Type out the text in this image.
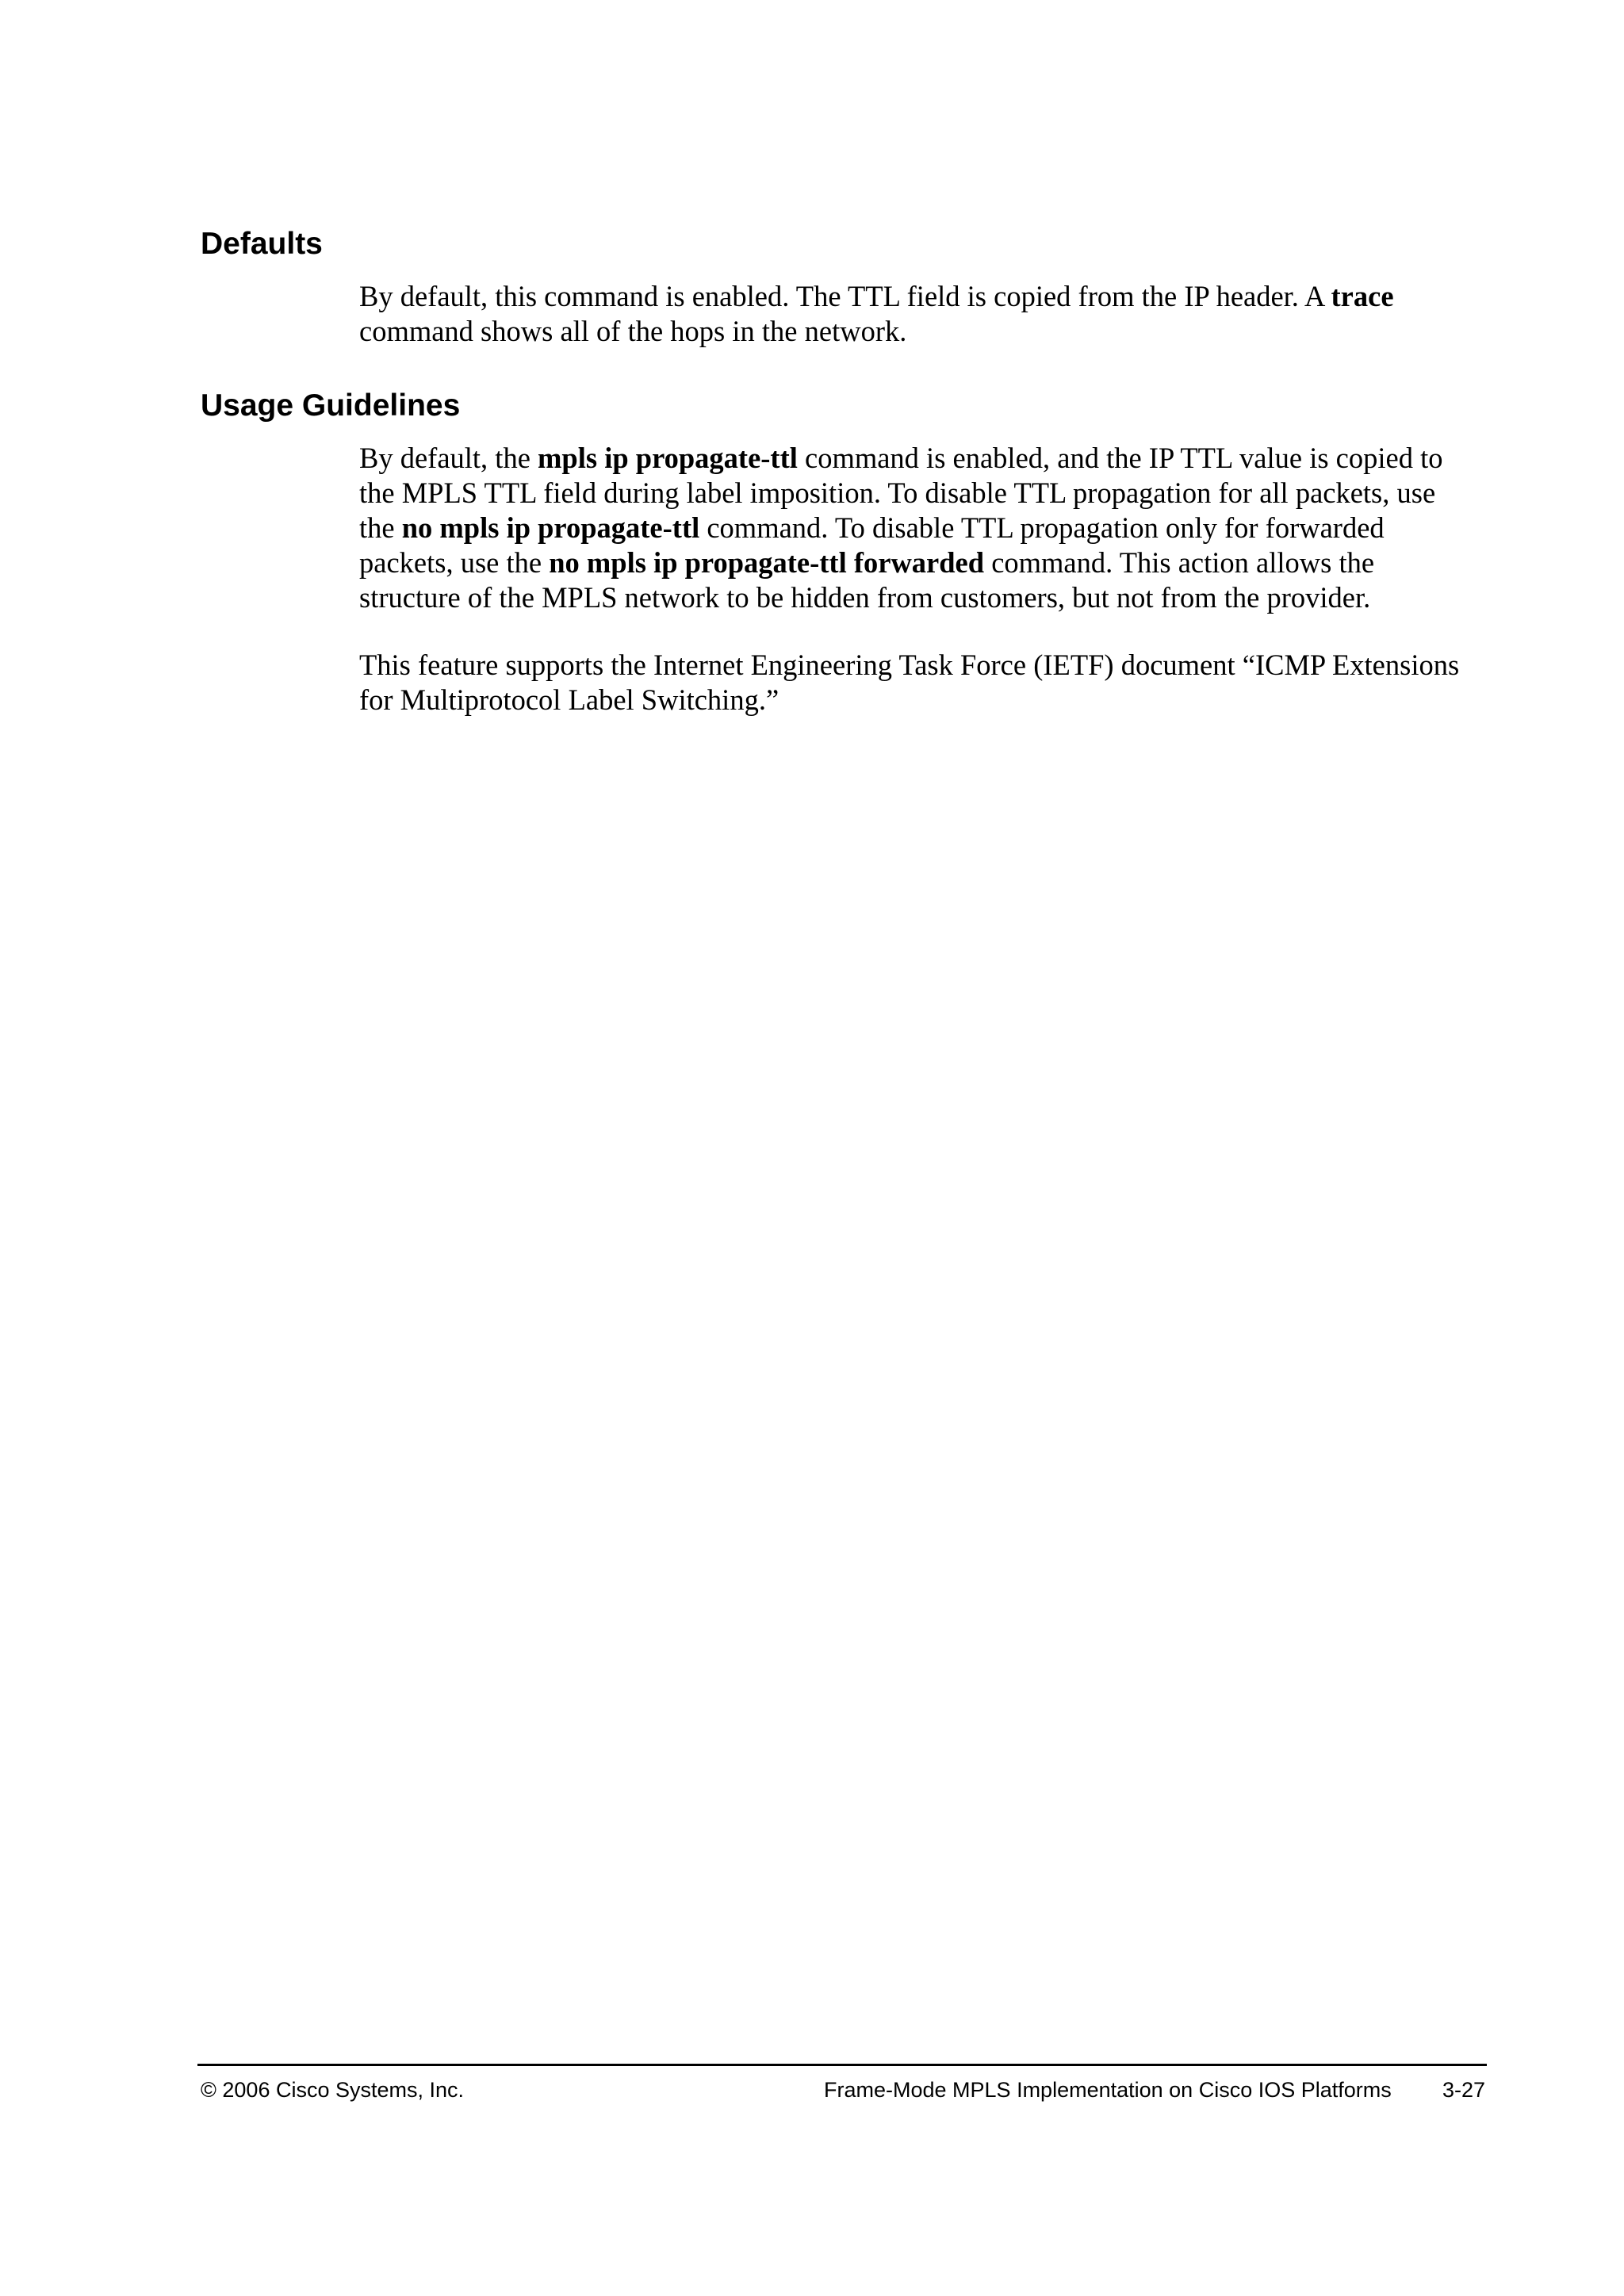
Defaults

By default, this command is enabled. The TTL field is copied from the IP header. A trace
command shows all of the hops in the network.

Usage Guidelines

By default, the mpls ip propagate-ttl command is enabled, and the IP TTL value is copied to
the MPLS TTL field during label imposition. To disable TTL propagation for all packets, use
the no mpls ip propagate-ttl command. To disable TTL propagation only for forwarded
packets, use the no mpls ip propagate-ttl forwarded command. This action allows the
structure of the MPLS network to be hidden from customers, but not from the provider.

This feature supports the Internet Engineering Task Force (IETF) document “ICMP Extensions
for Multiprotocol Label Switching.”

© 2006 Cisco Systems, Inc.	Frame-Mode MPLS Implementation on Cisco IOS Platforms 3-27
